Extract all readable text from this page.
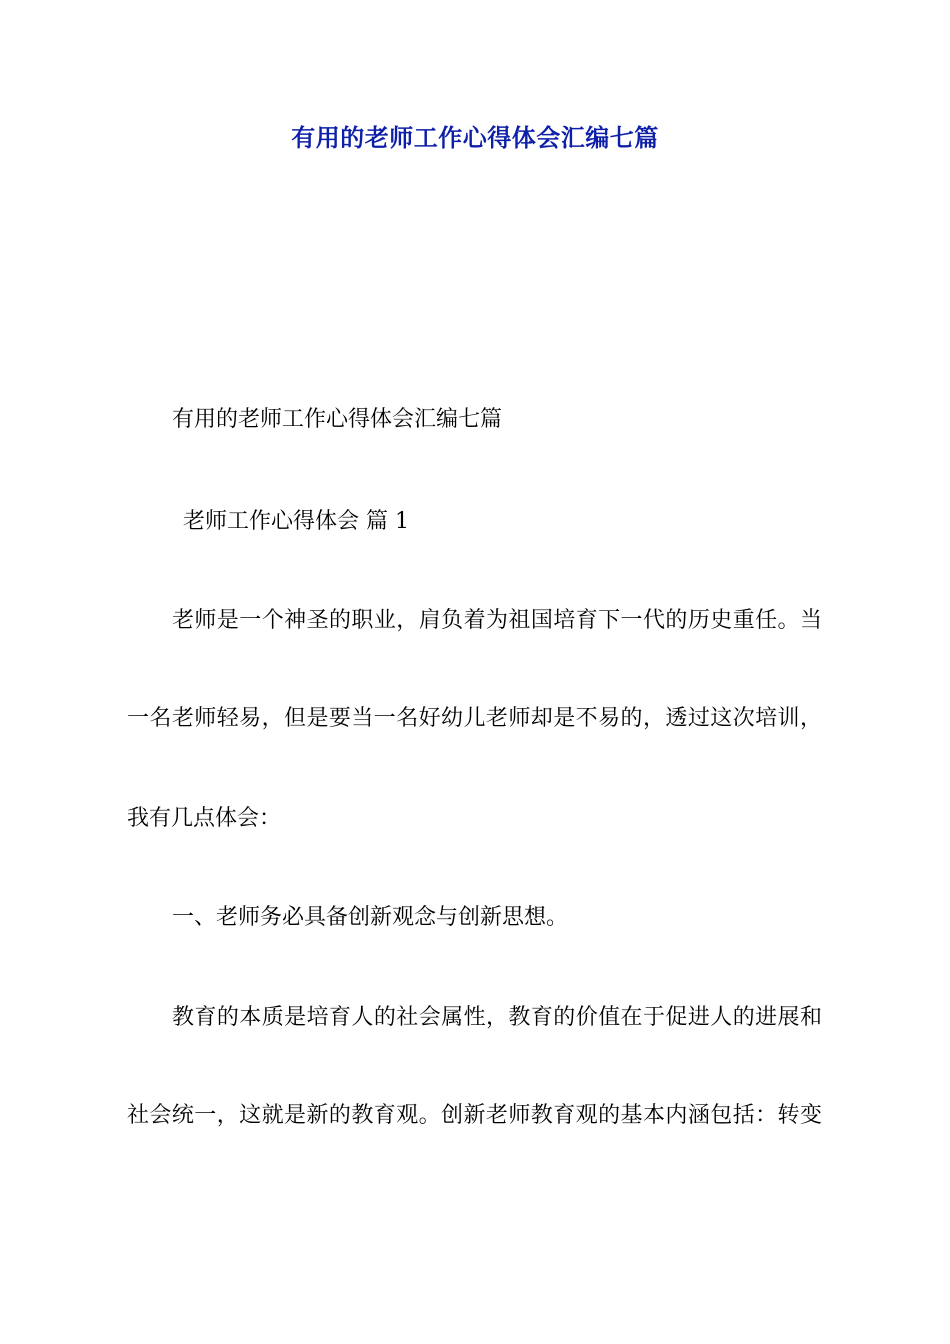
有用的老师工作心得体会汇编七篇
有用的老师工作心得体会汇编七篇
老师工作心得体会 篇 1
老师是一个神圣的职业，肩负着为祖国培育下一代的历史重任。当
一名老师轻易，但是要当一名好幼儿老师却是不易的，透过这次培训，
我有几点体会：
一、老师务必具备创新观念与创新思想。
教育的本质是培育人的社会属性，教育的价值在于促进人的进展和
社会统一，这就是新的教育观。创新老师教育观的基本内涵包括：转变
